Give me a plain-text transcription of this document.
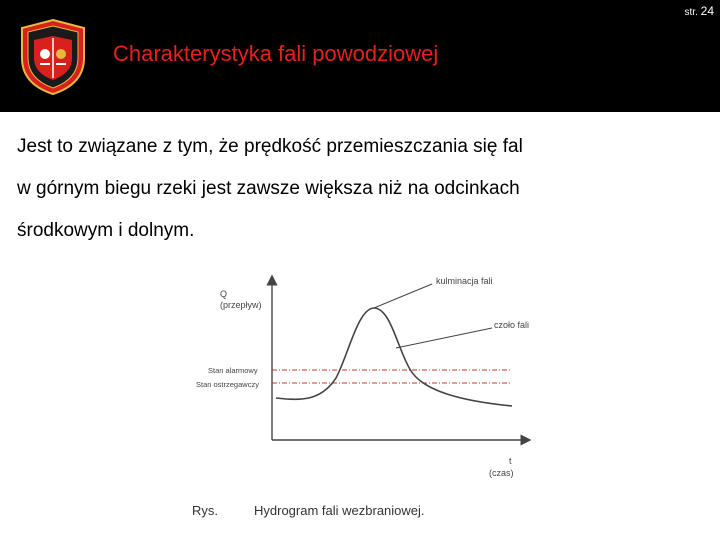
Charakterystyka fali powodziowej
str. 24
Jest to związane z tym, że prędkość przemieszczania się fal
w górnym biegu rzeki jest zawsze większa niż na odcinkach
środkowym i dolnym.
Q
(przepływ)
kulminacja fali
czoło fali
Stan alarmowy
Stan ostrzegawczy
t
(czas)
Rys.	Hydrogram fali wezbraniowej.
